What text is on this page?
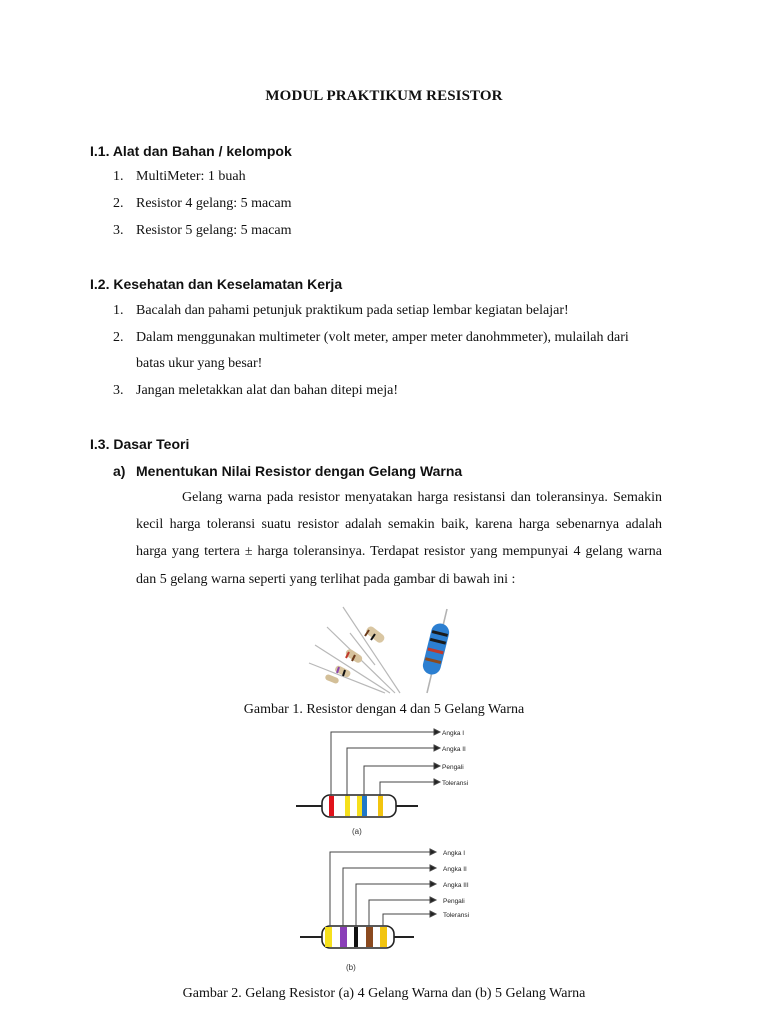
MODUL PRAKTIKUM RESISTOR
I.1. Alat dan Bahan / kelompok
1. MultiMeter: 1 buah
2. Resistor 4 gelang: 5 macam
3. Resistor 5 gelang: 5 macam
I.2. Kesehatan dan Keselamatan Kerja
1. Bacalah dan pahami petunjuk praktikum pada setiap lembar kegiatan belajar!
2. Dalam menggunakan multimeter (volt meter, amper meter danohmmeter), mulailah dari
batas ukur yang besar!
3. Jangan meletakkan alat dan bahan ditepi meja!
I.3. Dasar Teori
a) Menentukan Nilai Resistor dengan Gelang Warna
Gelang warna pada resistor menyatakan harga resistansi dan toleransinya. Semakin
kecil harga toleransi suatu resistor adalah semakin baik, karena harga sebenarnya adalah
harga yang tertera ± harga toleransinya. Terdapat resistor yang mempunyai 4 gelang warna
dan 5 gelang warna seperti yang terlihat pada gambar di bawah ini :
Gambar 1. Resistor dengan 4 dan 5 Gelang Warna
Angka I
Angka II
Pengali
Toleransi
(a)
Angka I
Angka II
Angka III
Pengali
Toleransi
(b)
Gambar 2. Gelang Resistor (a) 4 Gelang Warna dan (b) 5 Gelang Warna
